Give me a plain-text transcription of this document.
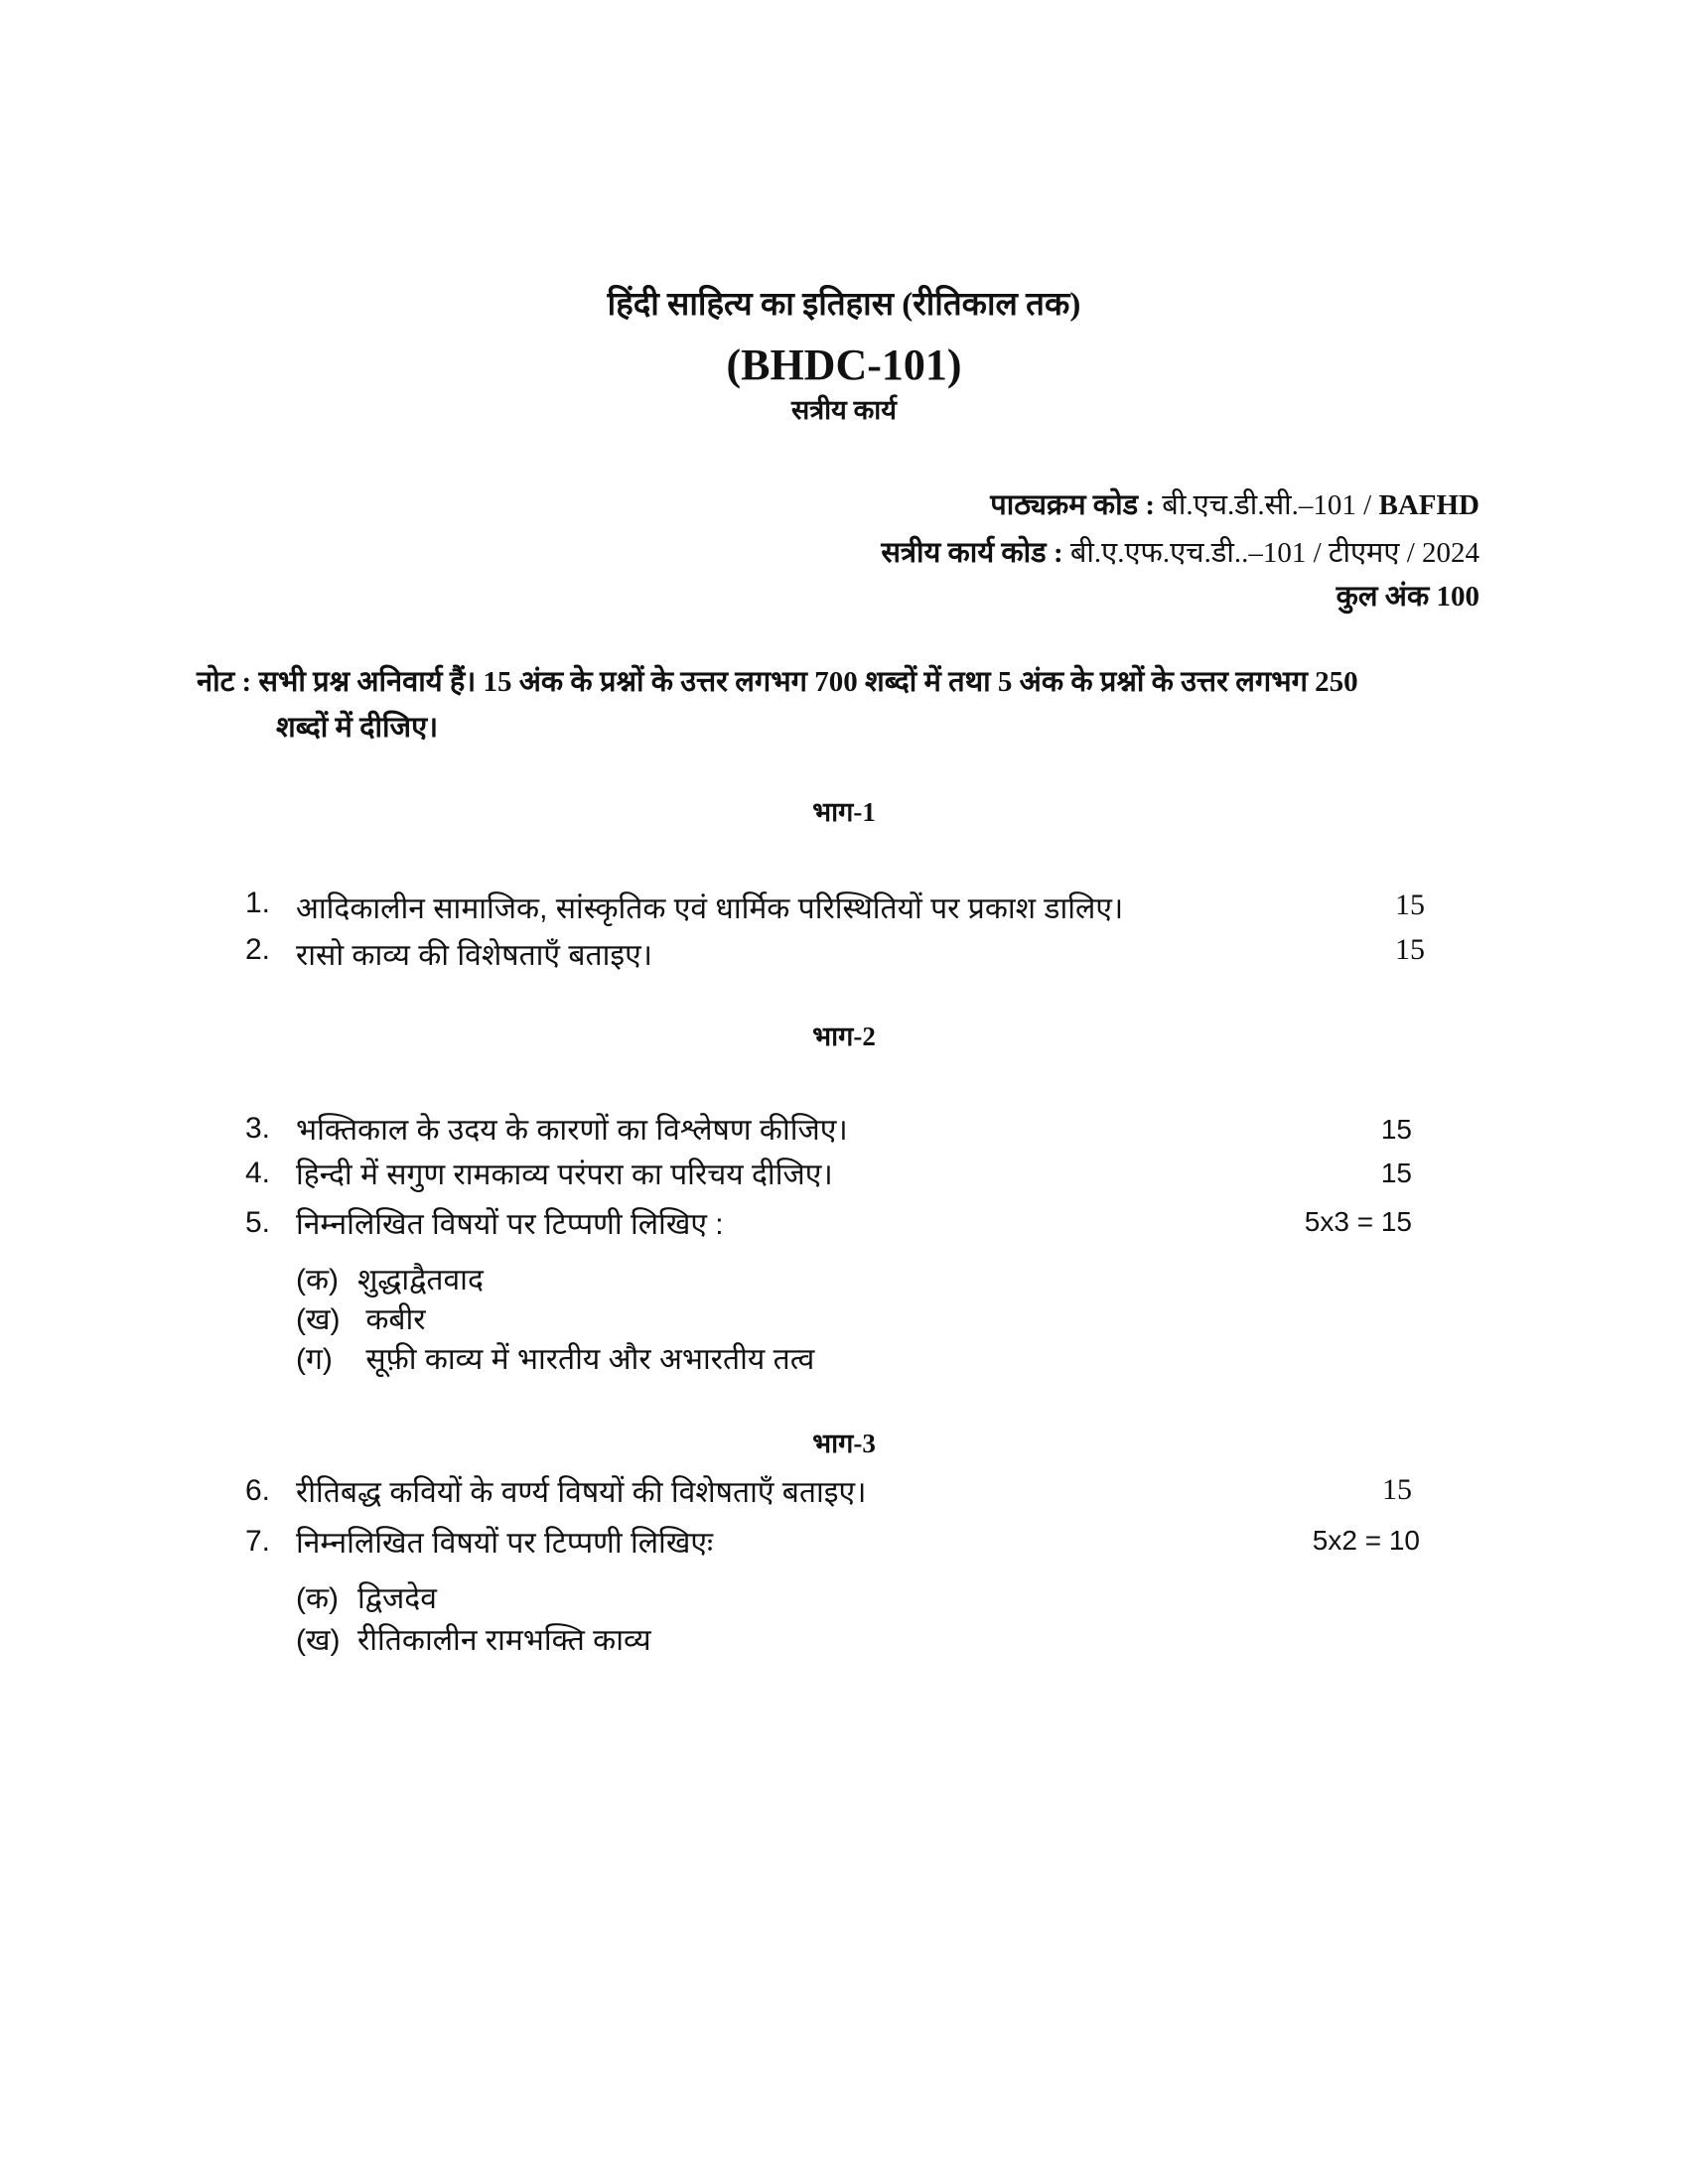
हिंदी साहित्य का इतिहास (रीतिकाल तक)
(BHDC-101)
सत्रीय कार्य
पाठ्यक्रम कोड : बी.एच.डी.सी.–101 / BAFHD
सत्रीय कार्य कोड : बी.ए.एफ.एच.डी..–101 / टीएमए / 2024
कुल अंक 100
नोट : सभी प्रश्न अनिवार्य हैं। 15 अंक के प्रश्नों के उत्तर लगभग 700 शब्दों में तथा 5 अंक के प्रश्नों के उत्तर लगभग 250
शब्दों में दीजिए।
भाग-1
1. आदिकालीन सामाजिक, सांस्कृतिक एवं धार्मिक परिस्थितियों पर प्रकाश डालिए।	15
2. रासो काव्य की विशेषताएँ बताइए।	15
भाग-2
3. भक्तिकाल के उदय के कारणों का विश्लेषण कीजिए।	15
4. हिन्दी में सगुण रामकाव्य परंपरा का परिचय दीजिए।	15
5. निम्नलिखित विषयों पर टिप्पणी लिखिए :	5x3 = 15
(क) शुद्धाद्वैतवाद
(ख) कबीर
(ग) सूफ़ी काव्य में भारतीय और अभारतीय तत्व
भाग-3
6. रीतिबद्ध कवियों के वर्ण्य विषयों की विशेषताएँ बताइए।	15
7. निम्नलिखित विषयों पर टिप्पणी लिखिएः	5x2 = 10
(क) द्विजदेव
(ख) रीतिकालीन रामभक्ति काव्य
